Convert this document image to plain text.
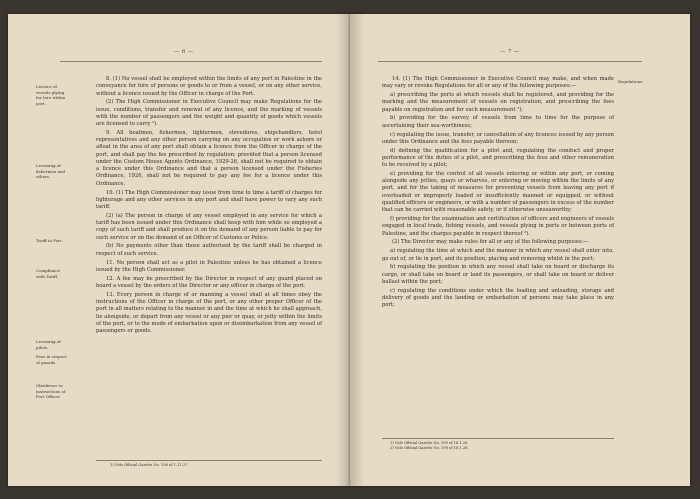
— 6 —
Licence of vessels plying for hire within port.
Licensing of fishermen and others.
Tariff in Port.
Compliance with Tariff.
Licensing of pilots.
Fees in respect of guards.
Obedience to instructions of Port Officer.

8. (1) No vessel shall be employed within the limits of any port in Palestine in the conveyance for hire of persons or goods to or from a vessel, or on any other service, without a licence issued by the Officer in charge of the Port.

(2) The High Commissioner in Executive Council may make Regulations for the issue, conditions, transfer and renewal of any licence, and the marking of vessels with the number of passengers and the weight and quantity of goods which vessels are licensed to carry ¹).

9. All boatmen, fishermen, lightermen, stevedores, shipchandlers, hotel representatives and any other person carrying on any occupation or work ashore or afloat in the area of any port shall obtain a licence from the Officer in charge of the port, and shall pay the fee prescribed by regulation: provided that a person licensed under the Custom House Agents Ordinance, 1929-26, shall not be required to obtain a licence under this Ordinance and that a person licensed under the Fisheries Ordinance, 1926, shall not be required to pay any fee for a licence under this Ordinance.

10. (1) The High Commissioner may issue from time to time a tariff of charges for lighterage and any other services in any port and shall have power to vary any such tariff.

(2) (a) The person in charge of any vessel employed in any service for which a tariff has been issued under this Ordinance shall keep with him while so employed a copy of such tariff and shall produce it on the demand of any person liable to pay for such service or on the demand of an Officer of Customs or Police.

(b) No payments other than those authorised by the tariff shall be charged in respect of such service.

11. No person shall act as a pilot in Palestine unless he has obtained a licence issued by the High Commissioner.

12. A fee may be prescribed by the Director in respect of any guard placed on board a vessel by the orders of the Director or any officer in charge of the port.

13. Every person in charge of or manning a vessel shall at all times obey the instructions of the Officer in charge of the port, or any other proper Officer of the port in all matters relating to the manner in and the time at which he shall approach, lie alongside, or depart from any vessel or any pier or quay, or jetty within the limits of the port, or to the mode of embarkation upon or disembarkation from any vessel of passengers or goods.

1) Vide Official Gazette No. 198 of 1.11.27.
— 7 —
Regulations.

14. (1) The High Commissioner in Executive Council may make, and when made may vary or revoke Regulations for all or any of the following purposes:—

a) prescribing the ports at which vessels shall be registered, and providing for the marking and the measurement of vessels on registration, and prescribing the fees payable on registration and for such measurement ¹);

b) providing for the survey of vessels from time to time for the purpose of ascertaining their sea-worthiness;

c) regulating the issue, transfer, or cancellation of any licences issued by any person under this Ordinance and the fees payable thereon;

d) defining the qualification for a pilot and, regulating the conduct and proper performance of the duties of a pilot, and prescribing the fees and other remuneration to be received by a pilot;

e) providing for the control of all vessels entering or within any port, or coming alongside any jetties, quays or wharves, or entering or moving within the limits of any port, and for the taking of measures for preventing vessels from leaving any port if overloaded or improperly loaded or insufficiently manned or equipped, or without qualified officers or engineers, or with a number of passengers in excess of the number that can be carried with reasonable safety, or if otherwise unseaworthy;

f) providing for the examination and certification of officers and engineers of vessels engaged in local trade, fishing vessels, and vessels plying in ports or between ports of Palestine, and the charges payable in respect thereof ²).

(2) The Director may make rules for all or any of the following purposes:—

a) regulating the time at which and the manner in which any vessel shall enter into, go out of, or lie in port, and its position, placing and removing whilst in the port;

b) regulating the position in which any vessel shall take on board or discharge its cargo, or shall take on board or land its passengers, or shall take on board or deliver ballast within the port;

c) regulating the conditions under which the loading and unloading, storage and delivery of goods and the landing or embarkation of persons may take place in any port;

1) Vide Official Gazette No. 199 of 16.1.28.
2) Vide Official Gazette No. 199 of 16.1.28.
